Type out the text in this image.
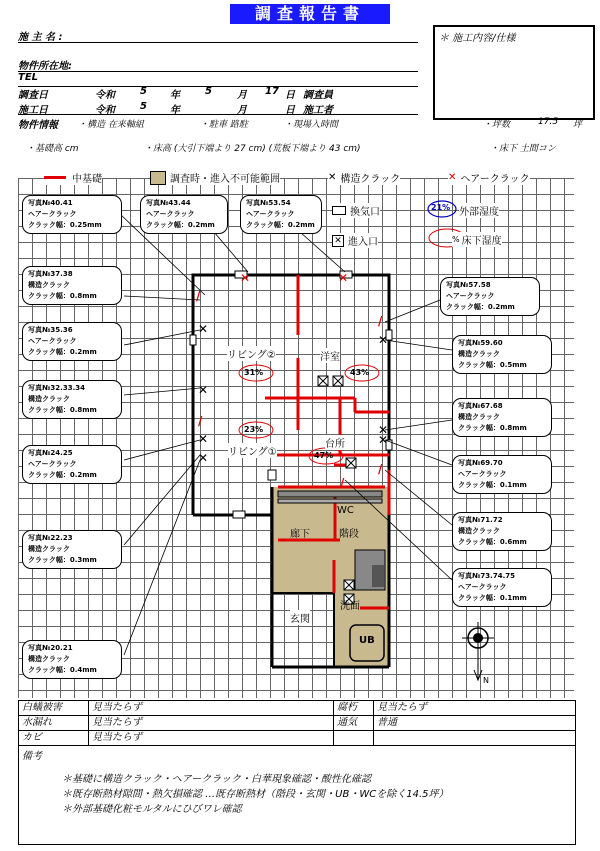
調査報告書
施 主 名 :
物件所在地:
TEL
調査日	令和	5 年	5	月 17 日 調査員
施工日	令和	5 年	月	日 施工者
物件情報 ・構造 在来軸組	・駐車 路駐	・現場入時間	・坪数	17.5 坪
・基礎高 cm	・床高 (大引下端より 27 cm) (荒板下端より 43 cm)	・床下 土間コン
＊ 施工内容/仕様
/
✕
✕
/
✕
✕
✕	✕
/
✕
✕
✕
/
/
中基礎	調査時・進入不可能範囲	✕ 構造クラック	✕ ヘアークラック
換気口
✕ 進入口
21% 外部湿度
% 床下湿度
写真№40.41
ヘアークラック
クラック幅：0.25mm
写真№43.44
ヘアークラック
クラック幅：0.2mm
写真№53.54
ヘアークラック
クラック幅：0.2mm
写真№37.38
構造クラック
クラック幅：0.8mm
写真№35.36
ヘアークラック
クラック幅：0.2mm
写真№32.33.34
構造クラック
クラック幅：0.8mm
写真№24.25
ヘアークラック
クラック幅：0.2mm
写真№22.23
構造クラック
クラック幅：0.3mm
写真№20.21
構造クラック
クラック幅：0.4mm
写真№57.58
ヘアークラック
クラック幅：0.2mm
写真№59.60
構造クラック
クラック幅：0.5mm
写真№67.68
構造クラック
クラック幅：0.8mm
写真№69.70
ヘアークラック
クラック幅：0.1mm
写真№71.72
構造クラック
クラック幅：0.6mm
写真№73.74.75
ヘアークラック
クラック幅：0.1mm
リビング②	洋室
リビング①
台所
廊下	階段
WC
洗面
玄関
UB
31%	43%
23%
47%
N
白蟻被害	見当たらず	腐朽	見当たらず
水漏れ	見当たらず	通気	普通
カビ	見当たらず
備考
＊基礎に構造クラック・ヘアークラック・白華現象確認・酸性化確認
＊既存断熱材隙間・熱欠損確認 …既存断熱材（階段・玄関・UB・WCを除く14.5坪）
＊外部基礎化粧モルタルにひびワレ確認
